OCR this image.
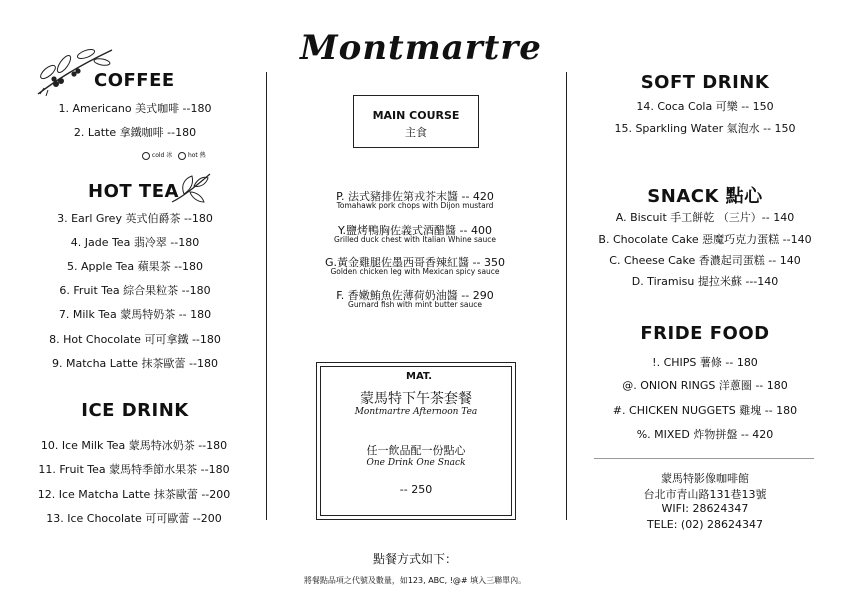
Montmartre
COFFEE
1. Americano 美式咖啡 --180
2. Latte 拿鐵咖啡 --180
cold 冰	hot 熱
HOT TEA
3. Earl Grey 英式伯爵茶 --180
4. Jade Tea 翡冷翠 --180
5. Apple Tea 蘋果茶 --180
6. Fruit Tea 綜合果粒茶 --180
7. Milk Tea 蒙馬特奶茶 -- 180
8. Hot Chocolate 可可拿鐵 --180
9. Matcha Latte 抹茶歐蕾 --180
ICE DRINK
10. Ice Milk Tea 蒙馬特冰奶茶 --180
11. Fruit Tea 蒙馬特季節水果茶 --180
12. Ice Matcha Latte 抹茶歐蕾 --200
13. Ice Chocolate 可可歐蕾 --200
MAIN COURSE
主食
P. 法式豬排佐第戎芥末醬 -- 420
Tomahawk pork chops with Dijon mustard
Y.鹽烤鴨胸佐義式酒醋醬 -- 400
Grilled duck chest with Italian Whine sauce
G.黃金雞腿佐墨西哥香辣紅醬 -- 350
Golden chicken leg with Mexican spicy sauce
F. 香嫩鮪魚佐薄荷奶油醬 -- 290
Gurnard fish with mint butter sauce
MAT.
蒙馬特下午茶套餐
Montmartre Afternoon Tea
任一飲品配一份點心
One Drink One Snack
-- 250
點餐方式如下：
將餐點品項之代號及數量，如123, ABC, !@# 填入三聯單內。
SOFT DRINK
14. Coca Cola 可樂 -- 150
15. Sparkling Water 氣泡水 -- 150
SNACK 點心
A. Biscuit 手工餅乾 （三片）-- 140
B. Chocolate Cake 惡魔巧克力蛋糕 --140
C. Cheese Cake 香濃起司蛋糕 -- 140
D. Tiramisu 提拉米蘇 ---140
FRIDE FOOD
!. CHIPS 薯條 -- 180
@. ONION RINGS 洋蔥圈 -- 180
#. CHICKEN NUGGETS 雞塊 -- 180
%. MIXED 炸物拼盤 -- 420
蒙馬特影像咖啡館
台北市青山路131巷13號
WIFI: 28624347
TELE: (02) 28624347
